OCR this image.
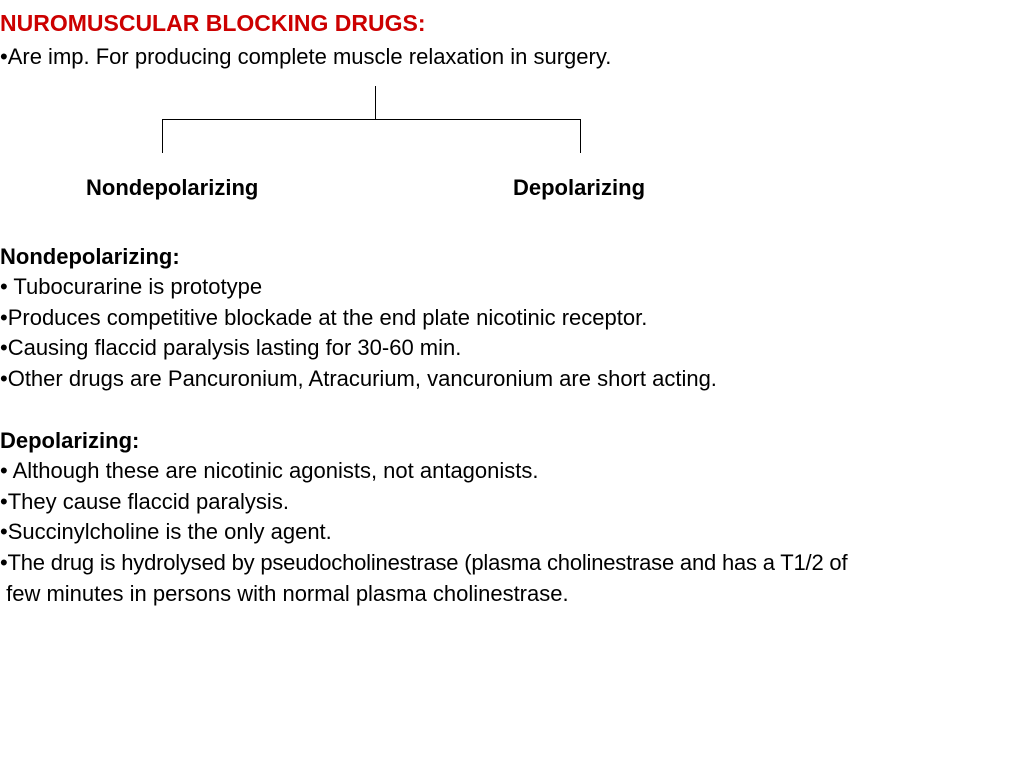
NUROMUSCULAR BLOCKING DRUGS:

•Are imp. For producing complete muscle relaxation in surgery.

Nondepolarizing	Depolarizing

Nondepolarizing:

• Tubocurarine is prototype

•Produces competitive blockade at the end plate nicotinic receptor.

•Causing flaccid paralysis lasting for 30-60 min.

•Other drugs are Pancuronium, Atracurium, vancuronium are short acting.

Depolarizing:

• Although these are nicotinic agonists, not antagonists.

•They cause flaccid paralysis.

•Succinylcholine is the only agent.

•The drug is hydrolysed by pseudocholinestrase (plasma cholinestrase and has a T1/2 of

few minutes in persons with normal plasma cholinestrase.
